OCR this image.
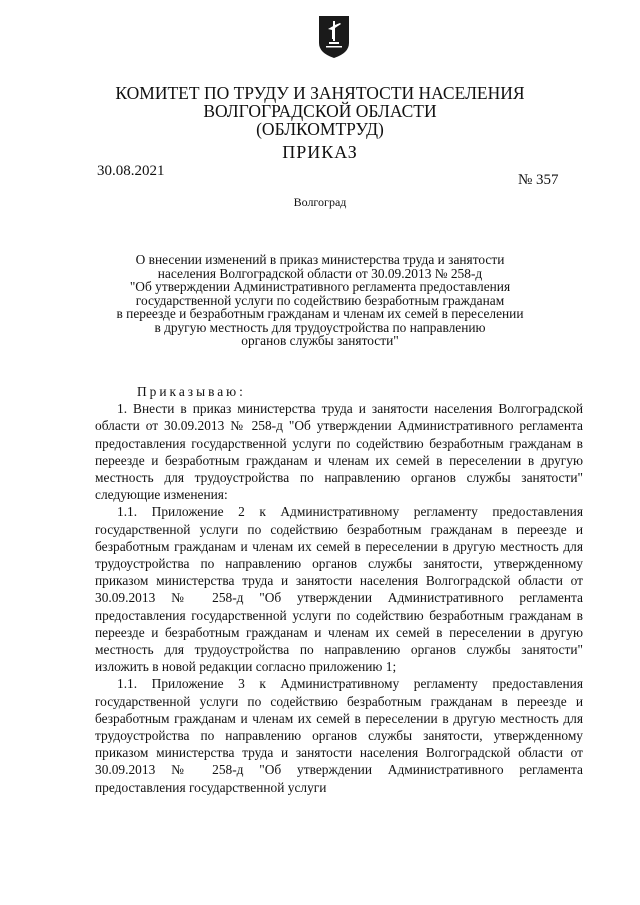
КОМИТЕТ ПО ТРУДУ И ЗАНЯТОСТИ НАСЕЛЕНИЯ
ВОЛГОГРАДСКОЙ ОБЛАСТИ
(ОБЛКОМТРУД)
ПРИКАЗ
30.08.2021
№ 357
Волгоград
О внесении изменений в приказ министерства труда и занятости
населения Волгоградской области от 30.09.2013 № 258-д
"Об утверждении Административного регламента предоставления
государственной услуги по содействию безработным гражданам
в переезде и безработным гражданам и членам их семей в переселении
в другую местность для трудоустройства по направлению
органов службы занятости"

Приказываю:

1. Внести в приказ министерства труда и занятости населения Волгоградской области от 30.09.2013 № 258-д "Об утверждении Административного регламента предоставления государственной услуги по содействию безработным гражданам в переезде и безработным гражданам и членам их семей в переселении в другую местность для трудоустройства по направлению органов службы занятости" следующие изменения:

1.1. Приложение 2 к Административному регламенту предоставления государственной услуги по содействию безработным гражданам в переезде и безработным гражданам и членам их семей в переселении в другую местность для трудоустройства по направлению органов службы занятости, утвержденному приказом министерства труда и занятости населения Волгоградской области от 30.09.2013 № 258-д "Об утверждении Административного регламента предоставления государственной услуги по содействию безработным гражданам в переезде и безработным гражданам и членам их семей в переселении в другую местность для трудоустройства по направлению органов службы занятости" изложить в новой редакции согласно приложению 1;

1.1. Приложение 3 к Административному регламенту предоставления государственной услуги по содействию безработным гражданам в переезде и безработным гражданам и членам их семей в переселении в другую местность для трудоустройства по направлению органов службы занятости, утвержденному приказом министерства труда и занятости населения Волгоградской области от 30.09.2013 № 258-д "Об утверждении Административного регламента предоставления государственной услуги
